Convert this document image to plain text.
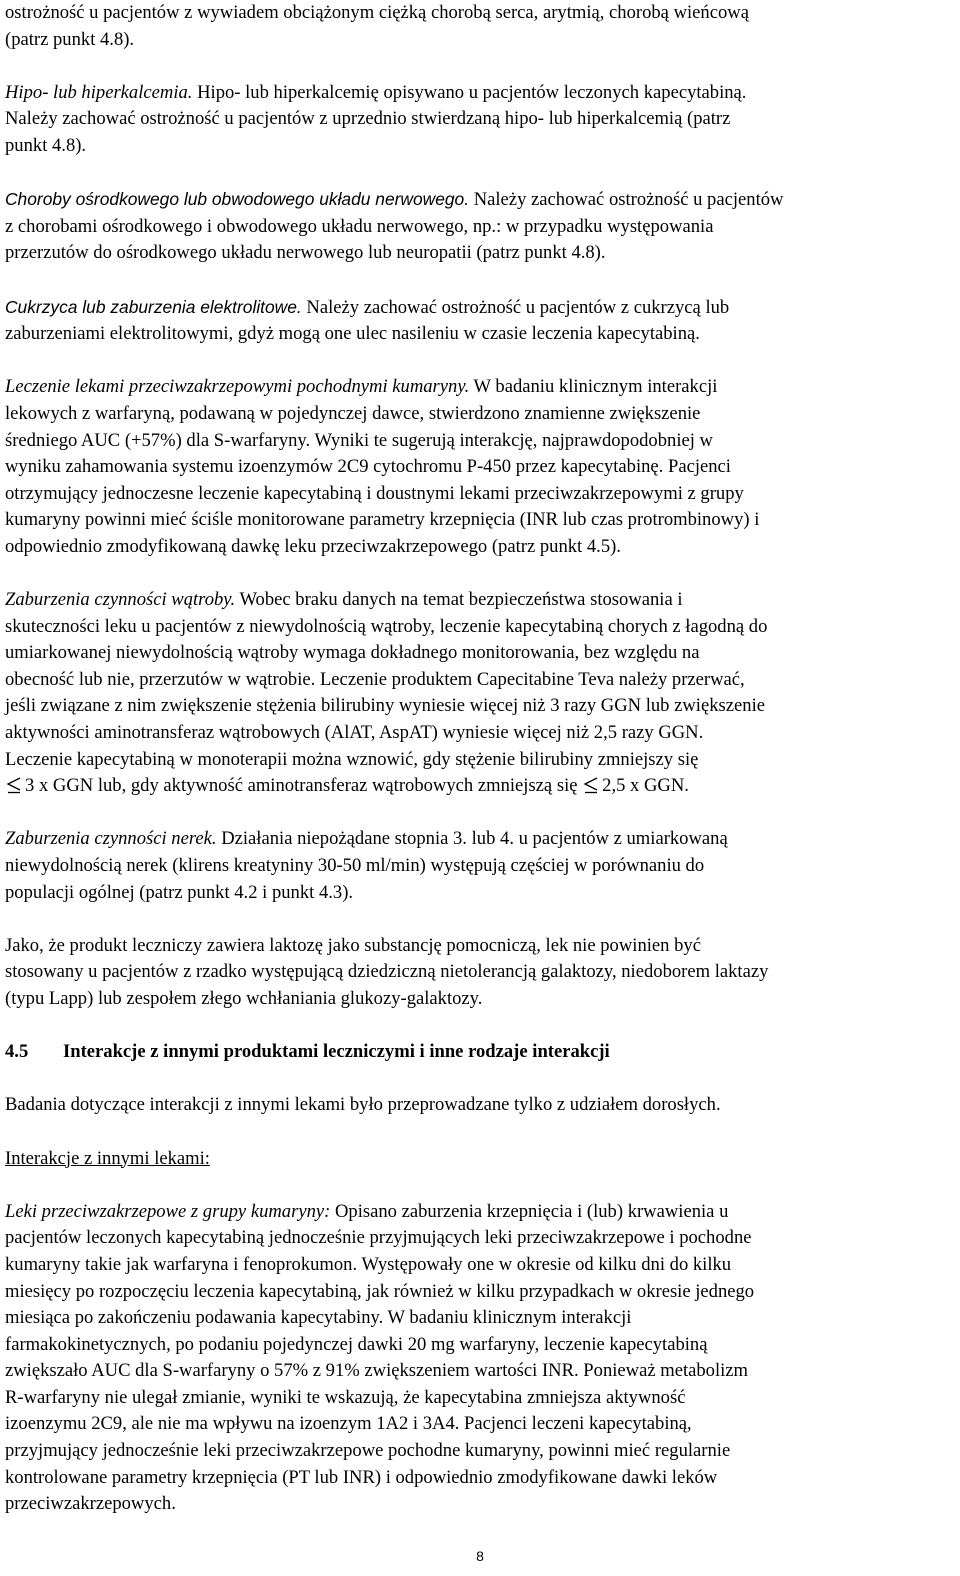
ostrożność u pacjentów z wywiadem obciążonym ciężką chorobą serca, arytmią, chorobą wieńcową
(patrz punkt 4.8).

Hipo- lub hiperkalcemia. Hipo- lub hiperkalcemię opisywano u pacjentów leczonych kapecytabiną.
Należy zachować ostrożność u pacjentów z uprzednio stwierdzaną hipo- lub hiperkalcemią (patrz
punkt 4.8).

Choroby ośrodkowego lub obwodowego układu nerwowego. Należy zachować ostrożność u pacjentów
z chorobami ośrodkowego i obwodowego układu nerwowego, np.: w przypadku występowania
przerzutów do ośrodkowego układu nerwowego lub neuropatii (patrz punkt 4.8).

Cukrzyca lub zaburzenia elektrolitowe. Należy zachować ostrożność u pacjentów z cukrzycą lub
zaburzeniami elektrolitowymi, gdyż mogą one ulec nasileniu w czasie leczenia kapecytabiną.

Leczenie lekami przeciwzakrzepowymi pochodnymi kumaryny. W badaniu klinicznym interakcji
lekowych z warfaryną, podawaną w pojedynczej dawce, stwierdzono znamienne zwiększenie
średniego AUC (+57%) dla S-warfaryny. Wyniki te sugerują interakcję, najprawdopodobniej w
wyniku zahamowania systemu izoenzymów 2C9 cytochromu P-450 przez kapecytabinę. Pacjenci
otrzymujący jednoczesne leczenie kapecytabiną i doustnymi lekami przeciwzakrzepowymi z grupy
kumaryny powinni mieć ściśle monitorowane parametry krzepnięcia (INR lub czas protrombinowy) i
odpowiednio zmodyfikowaną dawkę leku przeciwzakrzepowego (patrz punkt 4.5).

Zaburzenia czynności wątroby. Wobec braku danych na temat bezpieczeństwa stosowania i
skuteczności leku u pacjentów z niewydolnością wątroby, leczenie kapecytabiną chorych z łagodną do
umiarkowanej niewydolnością wątroby wymaga dokładnego monitorowania, bez względu na
obecność lub nie, przerzutów w wątrobie. Leczenie produktem Capecitabine Teva należy przerwać,
jeśli związane z nim zwiększenie stężenia bilirubiny wyniesie więcej niż 3 razy GGN lub zwiększenie
aktywności aminotransferaz wątrobowych (AlAT, AspAT) wyniesie więcej niż 2,5 razy GGN.
Leczenie kapecytabiną w monoterapii można wznowić, gdy stężenie bilirubiny zmniejszy się
3 x GGN lub, gdy aktywność aminotransferaz wątrobowych zmniejszą się
2,5 x GGN.

Zaburzenia czynności nerek. Działania niepożądane stopnia 3. lub 4. u pacjentów z umiarkowaną
niewydolnością nerek (klirens kreatyniny 30-50 ml/min) występują częściej w porównaniu do
populacji ogólnej (patrz punkt 4.2 i punkt 4.3).

Jako, że produkt leczniczy zawiera laktozę jako substancję pomocniczą, lek nie powinien być
stosowany u pacjentów z rzadko występującą dziedziczną nietolerancją galaktozy, niedoborem laktazy
(typu Lapp) lub zespołem złego wchłaniania glukozy-galaktozy.

4.5 Interakcje z innymi produktami leczniczymi i inne rodzaje interakcji

Badania dotyczące interakcji z innymi lekami było przeprowadzane tylko z udziałem dorosłych.

Interakcje z innymi lekami:

Leki przeciwzakrzepowe z grupy kumaryny: Opisano zaburzenia krzepnięcia i (lub) krwawienia u
pacjentów leczonych kapecytabiną jednocześnie przyjmujących leki przeciwzakrzepowe i pochodne
kumaryny takie jak warfaryna i fenoprokumon. Występowały one w okresie od kilku dni do kilku
miesięcy po rozpoczęciu leczenia kapecytabiną, jak również w kilku przypadkach w okresie jednego
miesiąca po zakończeniu podawania kapecytabiny. W badaniu klinicznym interakcji
farmakokinetycznych, po podaniu pojedynczej dawki 20 mg warfaryny, leczenie kapecytabiną
zwiększało AUC dla S-warfaryny o 57% z 91% zwiększeniem wartości INR. Ponieważ metabolizm
R-warfaryny nie ulegał zmianie, wyniki te wskazują, że kapecytabina zmniejsza aktywność
izoenzymu 2C9, ale nie ma wpływu na izoenzym 1A2 i 3A4. Pacjenci leczeni kapecytabiną,
przyjmujący jednocześnie leki przeciwzakrzepowe pochodne kumaryny, powinni mieć regularnie
kontrolowane parametry krzepnięcia (PT lub INR) i odpowiednio zmodyfikowane dawki leków
przeciwzakrzepowych.

8
